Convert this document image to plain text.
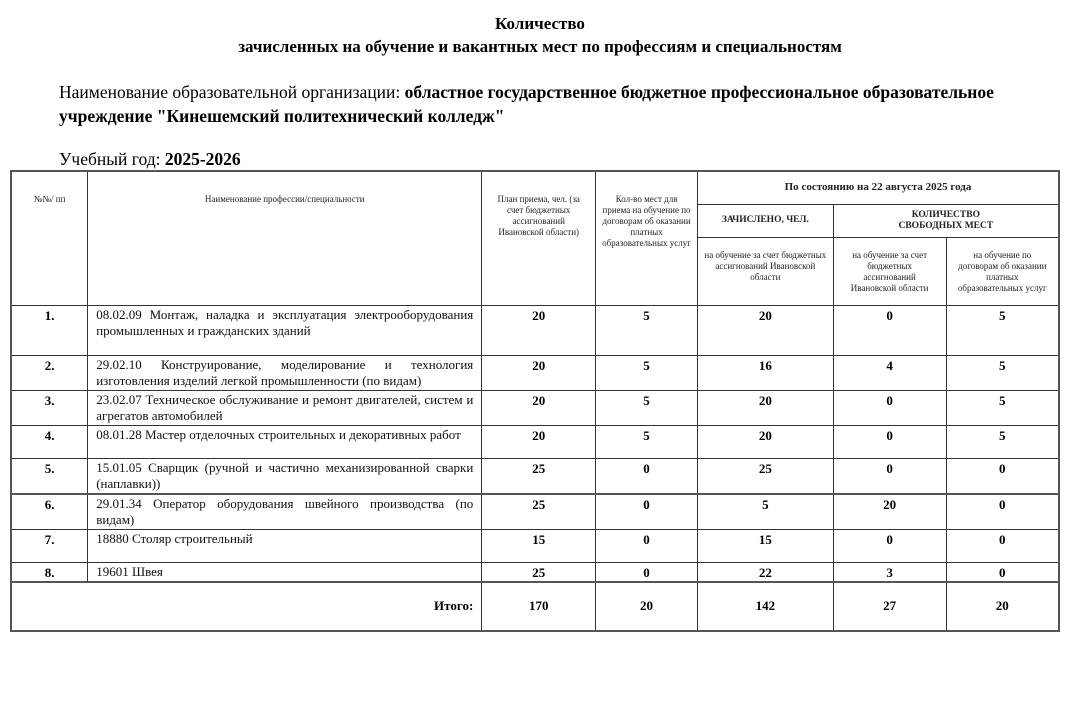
Количество
зачисленных на обучение и вакантных мест по профессиям и специальностям
Наименование образовательной организации: областное государственное бюджетное профессиональное образовательное учреждение "Кинешемский политехнический колледж"
Учебный год: 2025-2026
№№/ пп	Наименование профессии/специальности	План приема, чел. (за счет бюджетных ассигнований Ивановской области)	Кол-во мест для приема на обучение по договорам об оказании платных образовательных услуг	По состоянию на 22 августа 2025 года		
				ЗАЧИСЛЕНО, ЧЕЛ.	КОЛИЧЕСТВО СВОБОДНЫХ МЕСТ	
				на обучение за счет бюджетных ассигнований Ивановской области	на обучение за счет бюджетных ассигнований Ивановской области	на обучение по договорам об оказании платных образовательных услуг
1.	08.02.09 Монтаж, наладка и эксплуатация электрооборудования промышленных и гражданских зданий	20	5	20	0	5
2.	29.02.10 Конструирование, моделирование и технология изготовления изделий легкой промышленности (по видам)	20	5	16	4	5
3.	23.02.07 Техническое обслуживание и ремонт двигателей, систем и агрегатов автомобилей	20	5	20	0	5
4.	08.01.28 Мастер отделочных строительных и декоративных работ	20	5	20	0	5
5.	15.01.05 Сварщик (ручной и частично механизированной сварки (наплавки))	25	0	25	0	0
6.	29.01.34 Оператор оборудования швейного производства (по видам)	25	0	5	20	0
7.	18880 Столяр строительный	15	0	15	0	0
8.	19601 Швея	25	0	22	3	0
Итого:		170	20	142	27	20
